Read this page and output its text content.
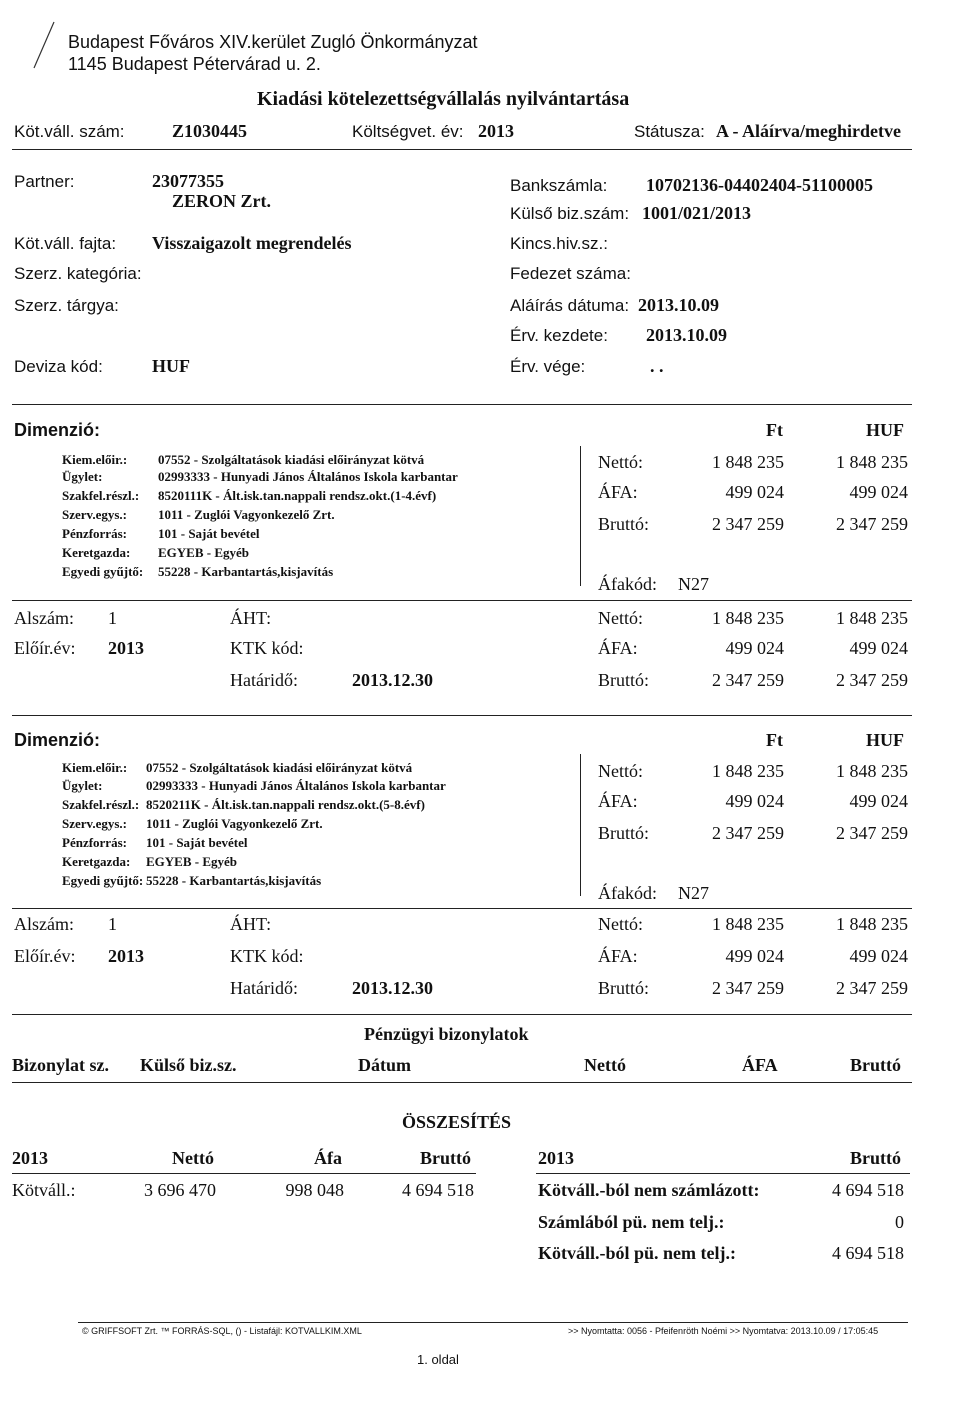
Budapest Főváros XIV.kerület Zugló Önkormányzat
1145 Budapest Pétervárad u. 2.
Kiadási kötelezettségvállalás nyilvántartása
Köt.váll. szám:	Z1030445	Költségvet. év: 2013	Státusza: A - Aláírva/meghirdetve
Partner:	23077355
ZERON Zrt.
Köt.váll. fajta: Visszaigazolt megrendelés
Szerz. kategória:
Szerz. tárgya:
Deviza kód:	HUF
Bankszámla: 10702136-04402404-51100005
Külső biz.szám: 1001/021/2013
Kincs.hiv.sz.:
Fedezet száma:
Aláírás dátuma: 2013.10.09
Érv. kezdete: 2013.10.09
Érv. vége:	. .
Dimenzió:	Ft	HUF
Kiem.előir.: 07552 - Szolgáltatások kiadási előirányzat kötvá
Ügylet:	02993333 - Hunyadi János Általános Iskola karbantar
Szakfel.részl.: 8520111K - Ált.isk.tan.nappali rendsz.okt.(1-4.évf)
Szerv.egys.: 1011 - Zuglói Vagyonkezelő Zrt.
Pénzforrás: 101 - Saját bevétel
Keretgazda: EGYEB - Egyéb
Egyedi gyűjtő: 55228 - Karbantartás,kisjavítás
Nettó:	1 848 235	1 848 235
ÁFA:	499 024	499 024
Bruttó:	2 347 259	2 347 259
Áfakód: N27
Alszám: 1	ÁHT:
Előír.év: 2013	KTK kód:
Határidő:	2013.12.30
Nettó:	1 848 235	1 848 235
ÁFA:	499 024	499 024
Bruttó:	2 347 259	2 347 259
Dimenzió:	Ft	HUF
Kiem.előir.: 07552 - Szolgáltatások kiadási előirányzat kötvá
Ügylet:	02993333 - Hunyadi János Általános Iskola karbantar
Szakfel.részl.: 8520211K - Ált.isk.tan.nappali rendsz.okt.(5-8.évf)
Szerv.egys.: 1011 - Zuglói Vagyonkezelő Zrt.
Pénzforrás: 101 - Saját bevétel
Keretgazda: EGYEB - Egyéb
Egyedi gyűjtő: 55228 - Karbantartás,kisjavítás
Nettó:	1 848 235	1 848 235
ÁFA:	499 024	499 024
Bruttó:	2 347 259	2 347 259
Áfakód: N27
Alszám: 1	ÁHT:
Előír.év: 2013	KTK kód:
Határidő:	2013.12.30
Nettó:	1 848 235	1 848 235
ÁFA:	499 024	499 024
Bruttó:	2 347 259	2 347 259
Pénzügyi bizonylatok
Bizonylat sz. Külső biz.sz.	Dátum	Nettó	ÁFA	Bruttó
ÖSSZESÍTÉS
2013	Nettó	Áfa	Bruttó
Kötváll.:	3 696 470	998 048	4 694 518
2013	Bruttó
Kötváll.-ból nem számlázott:	4 694 518
Számlából pü. nem telj.:	0
Kötváll.-ból pü. nem telj.:	4 694 518
© GRIFFSOFT Zrt. ™ FORRÁS-SQL, () - Listafájl: KOTVALLKIM.XML	>> Nyomtatta: 0056 - Pfeifenröth Noémi >> Nyomtatva: 2013.10.09 / 17:05:45
1. oldal
